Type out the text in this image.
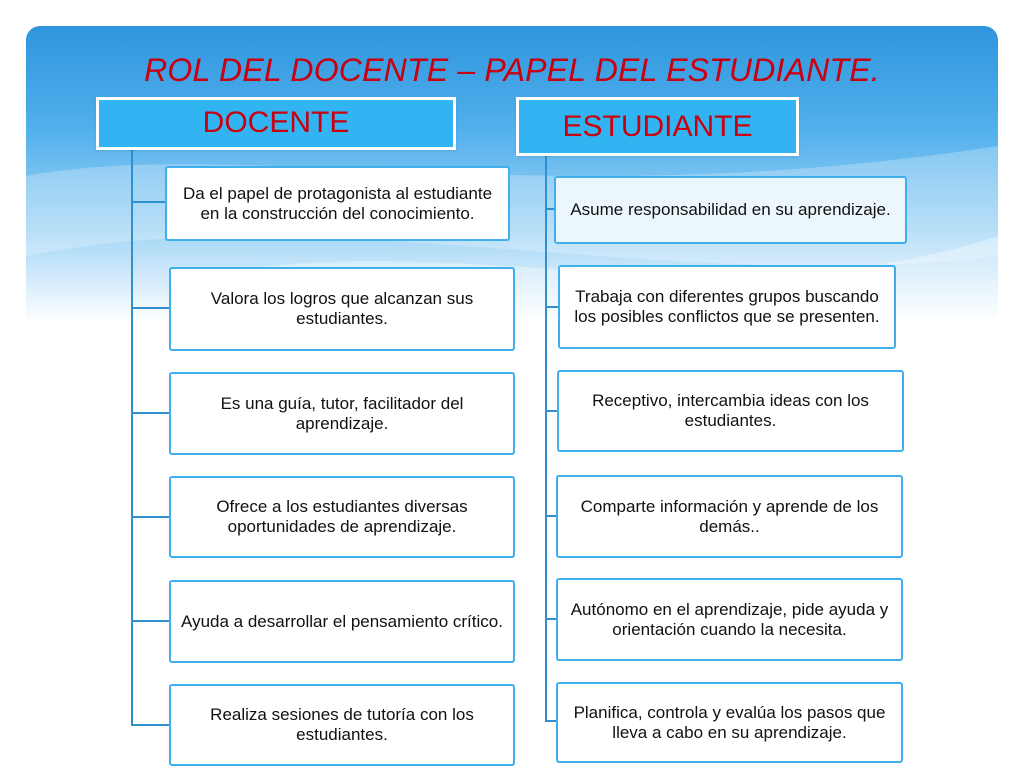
ROL DEL DOCENTE – PAPEL DEL ESTUDIANTE.
DOCENTE	ESTUDIANTE
Da el papel de protagonista al estudiante en la construcción del conocimiento.
Valora los logros que alcanzan sus estudiantes.
Es una guía, tutor, facilitador del aprendizaje.
Ofrece a los estudiantes diversas oportunidades de aprendizaje.
Ayuda a desarrollar el pensamiento crítico.
Realiza sesiones de tutoría con los estudiantes.
Asume responsabilidad en su aprendizaje.
Trabaja con diferentes grupos buscando los posibles conflictos que se presenten.
Receptivo, intercambia ideas con los estudiantes.
Comparte información y aprende de los demás..
Autónomo en el aprendizaje, pide ayuda y orientación cuando la necesita.
Planifica, controla y evalúa los pasos que lleva a cabo en su aprendizaje.
